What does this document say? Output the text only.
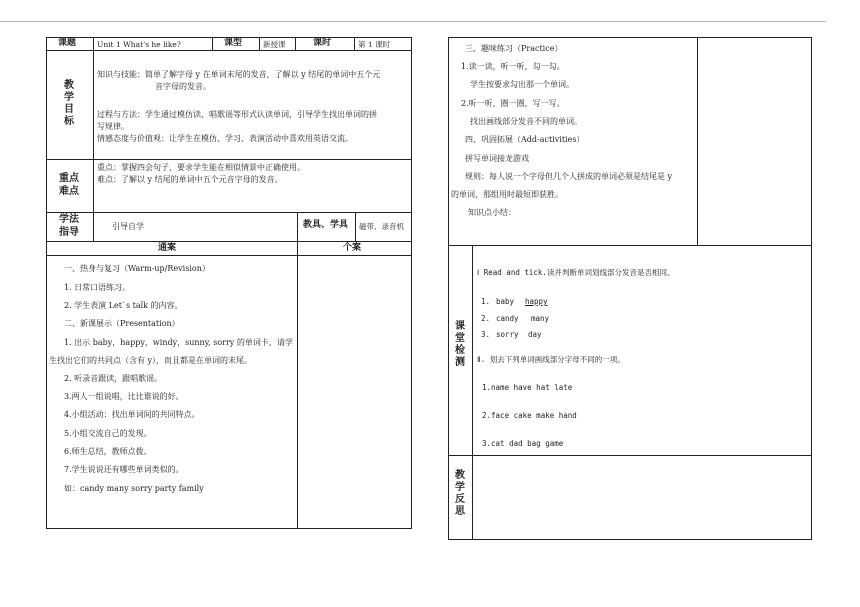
课题	Unit 1 What's he like?	课型	新授课	课时	第 1 课时
教学目标
知识与技能：简单了解字母 y 在单词末尾的发音，了解以 y 结尾的单词中五个元
音字母的发音。
过程与方法：学生通过模仿读、唱歌谣等形式认读单词，引导学生找出单词的拼
写规律。
情感态度与价值观：让学生在模仿、学习、表演活动中喜欢用英语交流。
重点
难点
重点：掌握四会句子，要求学生能在相似情景中正确使用。
难点：了解以 y 结尾的单词中五个元音字母的发音。
学法
指导
引导自学	教具、学具 磁带、录音机
通案	个案
一、热身与复习（Warm-up/Revision）
1. 日常口语练习。
2. 学生表演 Let`s talk 的内容。
二、新课展示（Presentation）
1. 出示 baby，happy，windy，sunny, sorry 的单词卡，请学
生找出它们的共同点（含有 y），而且都是在单词的末尾。
2. 听录音跟读，跟唱歌谣。
3.两人一组说唱，比比谁说的好。
4.小组活动：找出单词间的共同特点。
5.小组交流自己的发现。
6.师生总结，教师点拨。
7.学生说说还有哪些单词类似的。
如：candy many sorry party family
三、趣味练习（Practice）
1.读一读，听一听，勾一勾。
学生按要求勾出那一个单词。
2.听一听，圈一圈，写一写。
找出画线部分发音不同的单词。
四、巩固拓展（Add-activities）
拼写单词接龙游戏
规则：每人说一个字母但几个人拼成的单词必须是结尾是 y
的单词，那组用时最短即获胜。
知识点小结：
课堂检测
Ⅰ Read and tick.读并判断单词划线部分发音是否相同。
1. baby happy
2. candy many
3. sorry day
Ⅱ. 划去下列单词画线部分字母不同的一项。
1.name have hat late
2.face cake make hand
3.cat dad bag game
教学反思
